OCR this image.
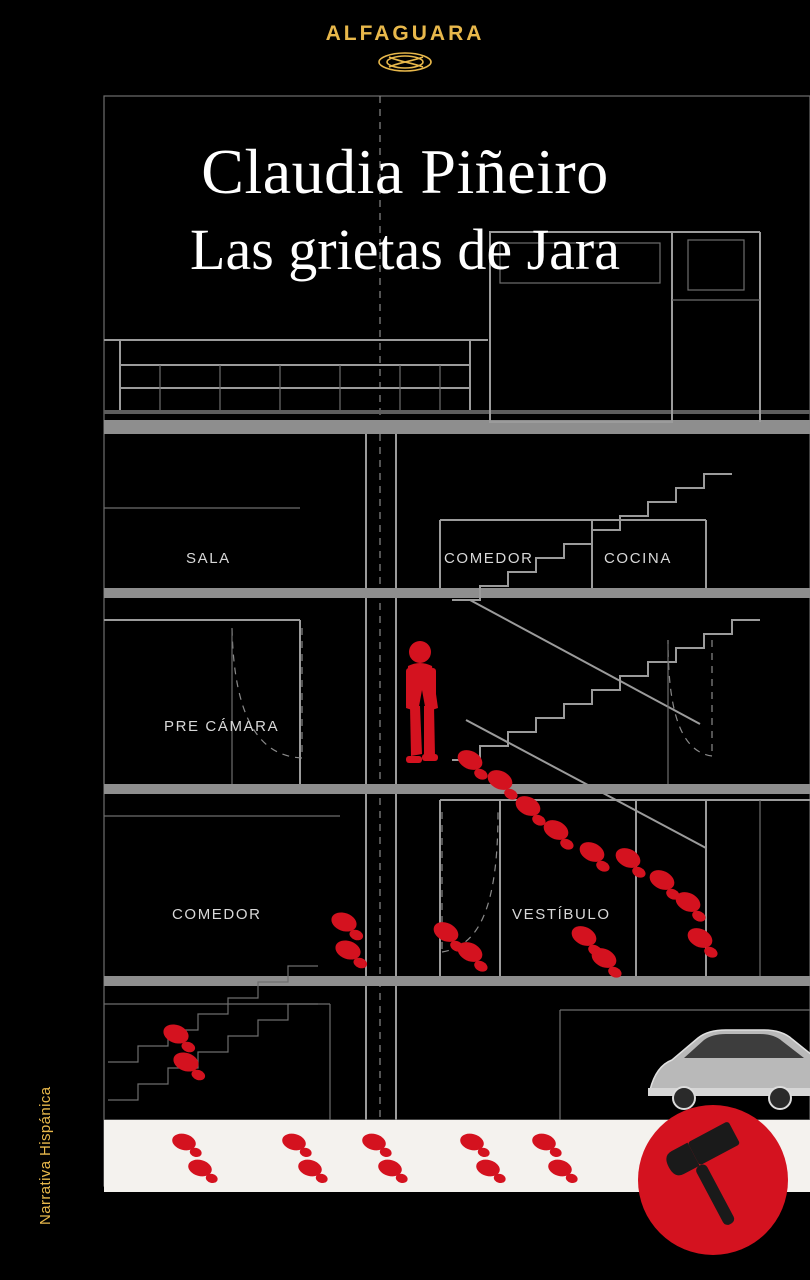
ALFAGUARA
Claudia Piñeiro
Las grietas de Jara
SALA	COMEDOR	COCINA
PRE CÁMARA
COMEDOR	VESTÍBULO
Narrativa Hispánica
